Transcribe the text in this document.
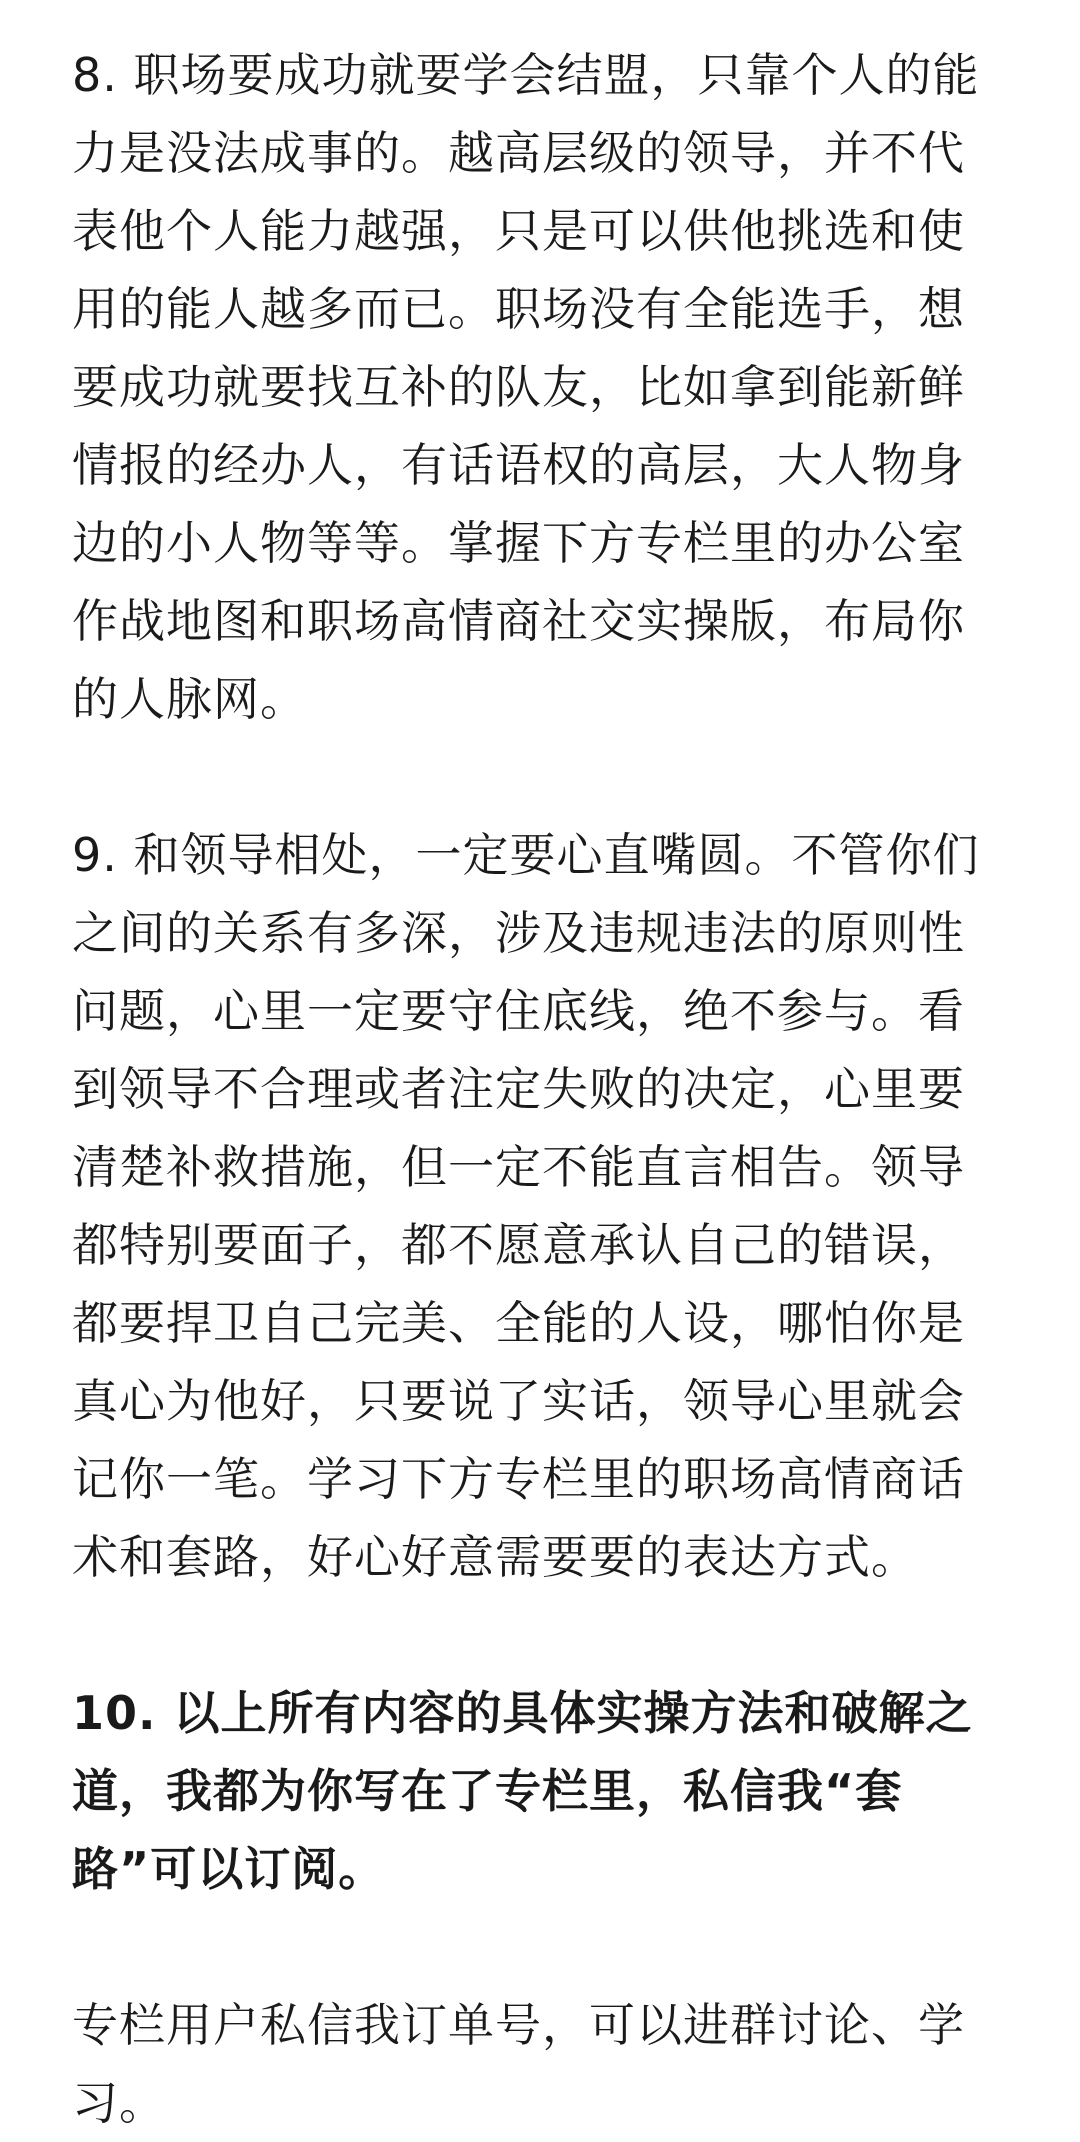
8. 职场要成功就要学会结盟，只靠个人的能力是没法成事的。越高层级的领导，并不代表他个人能力越强，只是可以供他挑选和使用的能人越多而已。职场没有全能选手，想要成功就要找互补的队友，比如拿到能新鲜情报的经办人，有话语权的高层，大人物身边的小人物等等。掌握下方专栏里的办公室作战地图和职场高情商社交实操版，布局你的人脉网。

9. 和领导相处，一定要心直嘴圆。不管你们之间的关系有多深，涉及违规违法的原则性问题，心里一定要守住底线，绝不参与。看到领导不合理或者注定失败的决定，心里要清楚补救措施，但一定不能直言相告。领导都特别要面子，都不愿意承认自己的错误，都要捍卫自己完美、全能的人设，哪怕你是真心为他好，只要说了实话，领导心里就会记你一笔。学习下方专栏里的职场高情商话术和套路，好心好意需要要的表达方式。

10. 以上所有内容的具体实操方法和破解之道，我都为你写在了专栏里，私信我“套路”可以订阅。

专栏用户私信我订单号，可以进群讨论、学习。
